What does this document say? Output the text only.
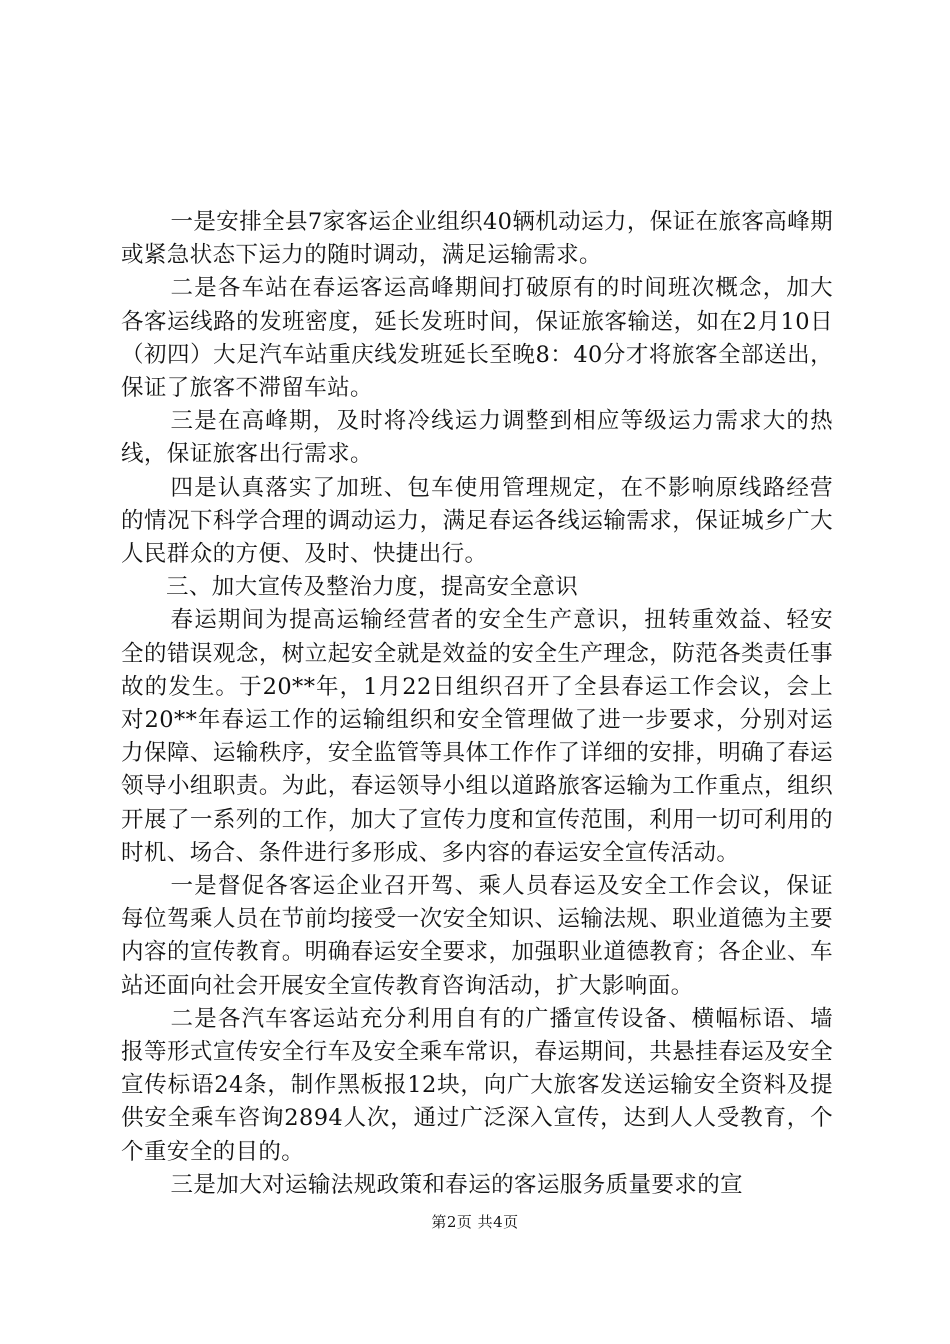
一是安排全县7家客运企业组织40辆机动运力，保证在旅客高峰期或紧急状态下运力的随时调动，满足运输需求。

二是各车站在春运客运高峰期间打破原有的时间班次概念，加大各客运线路的发班密度，延长发班时间，保证旅客输送，如在2月10日（初四）大足汽车站重庆线发班延长至晚8：40分才将旅客全部送出，保证了旅客不滞留车站。

三是在高峰期，及时将冷线运力调整到相应等级运力需求大的热线，保证旅客出行需求。

四是认真落实了加班、包车使用管理规定，在不影响原线路经营的情况下科学合理的调动运力，满足春运各线运输需求，保证城乡广大人民群众的方便、及时、快捷出行。

三、加大宣传及整治力度，提高安全意识

春运期间为提高运输经营者的安全生产意识，扭转重效益、轻安全的错误观念，树立起安全就是效益的安全生产理念，防范各类责任事故的发生。于20**年，1月22日组织召开了全县春运工作会议，会上对20**年春运工作的运输组织和安全管理做了进一步要求，分别对运力保障、运输秩序，安全监管等具体工作作了详细的安排，明确了春运领导小组职责。为此，春运领导小组以道路旅客运输为工作重点，组织开展了一系列的工作，加大了宣传力度和宣传范围，利用一切可利用的时机、场合、条件进行多形成、多内容的春运安全宣传活动。

一是督促各客运企业召开驾、乘人员春运及安全工作会议，保证每位驾乘人员在节前均接受一次安全知识、运输法规、职业道德为主要内容的宣传教育。明确春运安全要求，加强职业道德教育；各企业、车站还面向社会开展安全宣传教育咨询活动，扩大影响面。

二是各汽车客运站充分利用自有的广播宣传设备、横幅标语、墙报等形式宣传安全行车及安全乘车常识，春运期间，共悬挂春运及安全宣传标语24条，制作黑板报12块，向广大旅客发送运输安全资料及提供安全乘车咨询2894人次，通过广泛深入宣传，达到人人受教育，个个重安全的目的。

三是加大对运输法规政策和春运的客运服务质量要求的宣

第2页 共4页
